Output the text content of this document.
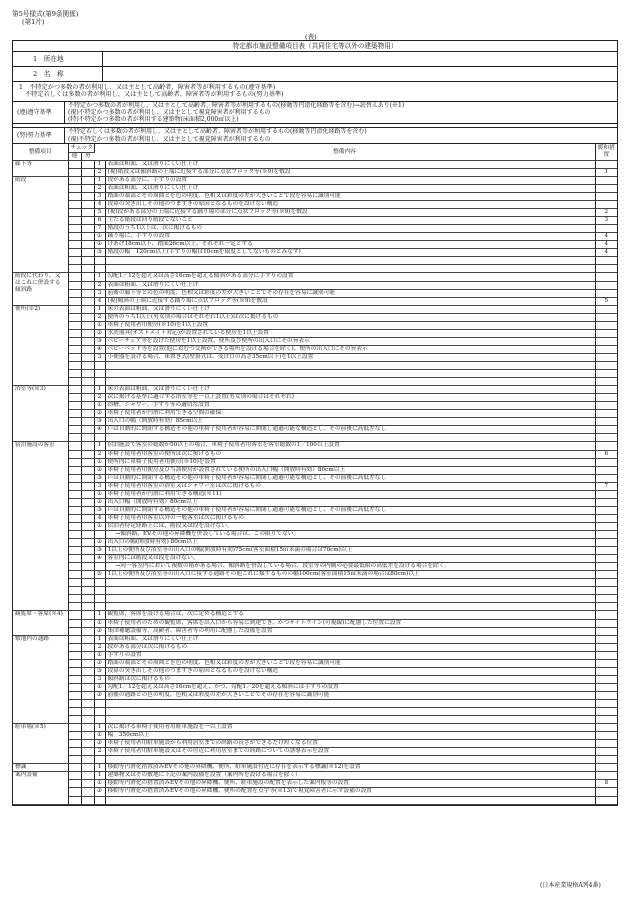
第5号様式(第9条関係)
(第1片)
(表)
特定都市施設整備項目表（共同住宅等以外の建築物用）
1　所在地
2　名　称
1　不特定かつ多数の者が利用し、又は主として高齢者、障害者等が利用するもの(遵守基準)
不特定若しくは多数の者が利用し、又は主として高齢者、障害者等が利用するもの(努力基準)
(遵)遵守基準
不特定かつ多数の者が利用し、又は主として高齢者、障害者等が利用するもの(移動等円滑化経路等を含む)→読替えあり(※1)
(視)不特定かつ多数の者が利用し、又は主として視覚障害者が利用するもの
(特)不特定かつ多数の者が利用する建築物(床面積2,000㎡以上)
(努)努力基準
不特定若しくは多数の者が利用し、又は主として高齢者、障害者等が利用するもの(移動等円滑化経路等を含む)
(視)不特定かつ多数の者が利用し、又は主として視覚障害者が利用するもの
整備項目	チェック		整備内容		緩和措置
	遵	努			
廊下等			1	表面は粗面、又は滑りにくい仕上げ	
			2	(視)階段又は傾斜路の上端に近接する部分に点状ブロック等(※9)を敷設	1
階段			1	段がある部分に、手すりの設置	
			2	表面は粗面、又は滑りにくい仕上げ	
			3	踏面の端部とその周囲とを色の明度、色相又は彩度の差が大きいことで段を容易に識別可能	
			4	段鼻の突き出しその他のつまずきの原因となるものを設けない構造	
			5	(視)段がある部分の上端に近接する踊り場の部分に点状ブロック等(※9)を敷設	2
			6	主たる階段は回り階段でないこと	3
			7	階段のうち1以上は、次に掲げるもの	
			①	踊り場に、手すりの設置	4
			②	けあげ18cm以下、踏面26cm以上、それぞれ一定とする	4
			③	階段の幅　120cm以上(手すりの幅は10cmを限度としてないものとみなす)	4

階段に代わり、又はこれに併設する傾斜路			1	勾配1／12を超え又は高さ16cmを超える傾斜がある部分に手すりの設置	
			2	表面は粗面、又は滑りにくい仕上げ	
			3	前後の廊下等との色の明度、色相又は彩度の差が大きいことでその存在を容易に識別可能	
			4	(視)傾斜の上端に近接する踊り場に点状ブロック等(※9)を敷設	5
便所(※2)			1	床の表面は粗面、又は滑りにくい仕上げ	
			2	便所のうち1以上(男女別の場合はそれぞれ1以上)は次に掲げるもの	
			①	車椅子使用者用便房(※10)を1以上設置	
			②	水洗器具(オストメイト対応)が設置されている便房を1以上設置	
			③	ベビーチェア等を設けた便房を1以上設置、便所及び便所の出入口にその旨表示	
			④	ベビーベッド等を設置(他におむつ交換ができる場所を設ける場合を除く)、便所の出入口にその旨表示	
			3	小便器を設ける場合、床置き式(壁掛式は、受け口の高さ35cm以下)を1以上設置	

浴室等(※3)			1	床の表面は粗面、又は滑りにくい仕上げ	
			2	次に掲げる基準に適合する浴室等を一以上設置(男女別の場合はそれぞれ)	
			①	浴槽、シャワー、手すり等の適切な設置	
			②	車椅子使用者が円滑に利用できる空間の確保	
			③	出入口の幅（開放時有効）85cm以上	
			④	戸は自動的に開閉する構造その他の車椅子使用者が容易に開閉し通過可能な構造とし、その前後に高低差なし	

宿泊施設の客室			1	宿泊施設で客室の総数が50以上の場合、車椅子使用者用客室を客室総数の1／100以上設置	
			2	車椅子使用者用客室の便所は次に掲げるもの	6
			①	便所内に車椅子使用者用便房(※10)を設置	
			②	車椅子使用者用便房及び当該便房が設置されている便所の出入口幅（開放時有効）80cm以上	
			③	戸は自動的に開閉する構造その他の車椅子使用者が容易に開閉し通過可能な構造とし、その前後に高低差なし	
			3	車椅子使用者用客室の浴室又はシャワー室は次に掲げるもの	7
			①	車椅子使用者が円滑に利用できる構造(※11)	
			②	出入口幅（開放時有効）80cm以上	
			③	戸は自動的に開閉する構造その他の車椅子使用者が容易に開閉し通過可能な構造とし、その前後に高低差なし	
			4	車椅子使用者用客室以外の一般客室は次に掲げるもの	
			①	宿泊者特定経路上には、階段又は段を設けない。	
				→傾斜路、EVその他の昇降機を併設している場合は、この限りでない。	
			②	出入口の幅(開放時有効) 80cm以上	
			③	1以上の便所及び浴室等の出入口の幅(開放時有効)75cm(客室面積15㎡未満の場合は70cm)以上	
			④	客室内には階段又は段を設けない。	
				→同一客室内において複数の階がある場合、傾斜路を併設している場合、段室等の内側の必要最低限の高低差を設ける場合を除く。	
			⑤	1以上の便所及び浴室等の出入口に接する通路その他これに類するものの幅100cm(客室面積15㎡未満の場合は80cm)以上	

観覧席・客席(※4)			1	観覧席、客席を設ける場合は、次に定める構造とする	
			①	車椅子使用者のための観覧席、客席を出入口から容易に到達でき、かつサイトライン(可視線)に配慮した位置に設置	
			②	集団補聴設備等、高齢者、障害者等の利用に配慮した設備を設置	
敷地内の通路			1	表面は粗面、又は滑りにくい仕上げ	
			2	段がある部分は次に掲げるもの	
			①	手すりの設置	
			②	踏面の端部とその周囲とを色の明度、色相又は彩度の差が大きいことで段を容易に識別可能	
			③	段鼻の突き出しその他のつまずきの原因となるものを設けない構造	
			3	傾斜路は次に掲げるもの	
			①	勾配1／12を超え又は高さ16cmを超え、かつ、勾配1／20を超える傾斜には手すりの設置	
			②	前後の通路との色の明度、色相又は彩度の差が大きいことでその存在を容易に識別可能	

駐車場(※5)			1	次に掲げる車椅子使用者用駐車施設を一以上設置	
			①	幅　350cm以上	
			②	車椅子使用者用駐車施設から利用居室までの経路の長さができるだけ短くなる位置	
			2	車椅子使用者用駐車施設又はその付近に利用居室までの経路についての誘導表示を設置	

標識			1	移動等円滑化措置済みEVその他の昇降機、便所、駐車施設付近に存在を表示する標識(※12)を設置	
案内設備			1	建築物又はその敷地に下記の案内設備を設置（案内所を設ける場合を除く）	
			①	移動等円滑化の措置済みEVその他の昇降機、便所、駐車施設の配置を表示した案内板等の設置	8
			②	移動等円滑化の措置済みEVその他の昇降機、便所の配置を点字等(※13)で視覚障害者に示す設備の設置	

(日本産業規格A列4番)
